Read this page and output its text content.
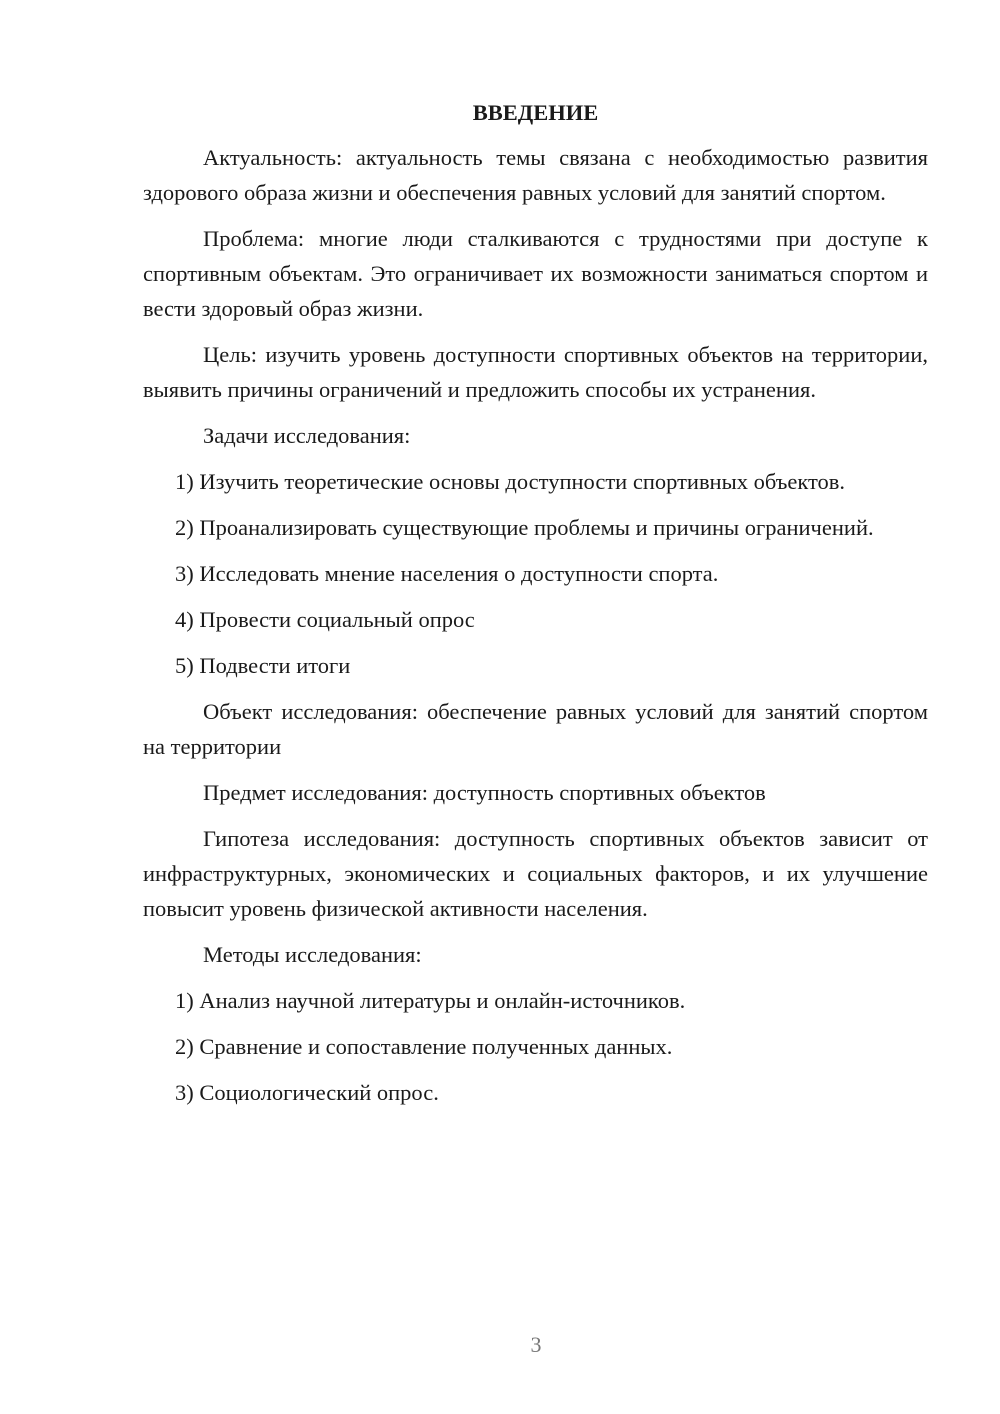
ВВЕДЕНИЕ

Актуальность: актуальность темы связана с необходимостью развития здорового образа жизни и обеспечения равных условий для занятий спортом.

Проблема: многие люди сталкиваются с трудностями при доступе к спортивным объектам. Это ограничивает их возможности заниматься спортом и вести здоровый образ жизни.

Цель: изучить уровень доступности спортивных объектов на территории, выявить причины ограничений и предложить способы их устранения.

Задачи исследования:

1) Изучить теоретические основы доступности спортивных объектов.

2) Проанализировать существующие проблемы и причины ограничений.

3) Исследовать мнение населения о доступности спорта.

4) Провести социальный опрос

5) Подвести итоги

Объект исследования: обеспечение равных условий для занятий спортом на территории

Предмет исследования: доступность спортивных объектов

Гипотеза исследования: доступность спортивных объектов зависит от инфраструктурных, экономических и социальных факторов, и их улучшение повысит уровень физической активности населения.

Методы исследования:

1) Анализ научной литературы и онлайн-источников.

2) Сравнение и сопоставление полученных данных.

3) Социологический опрос.

3
